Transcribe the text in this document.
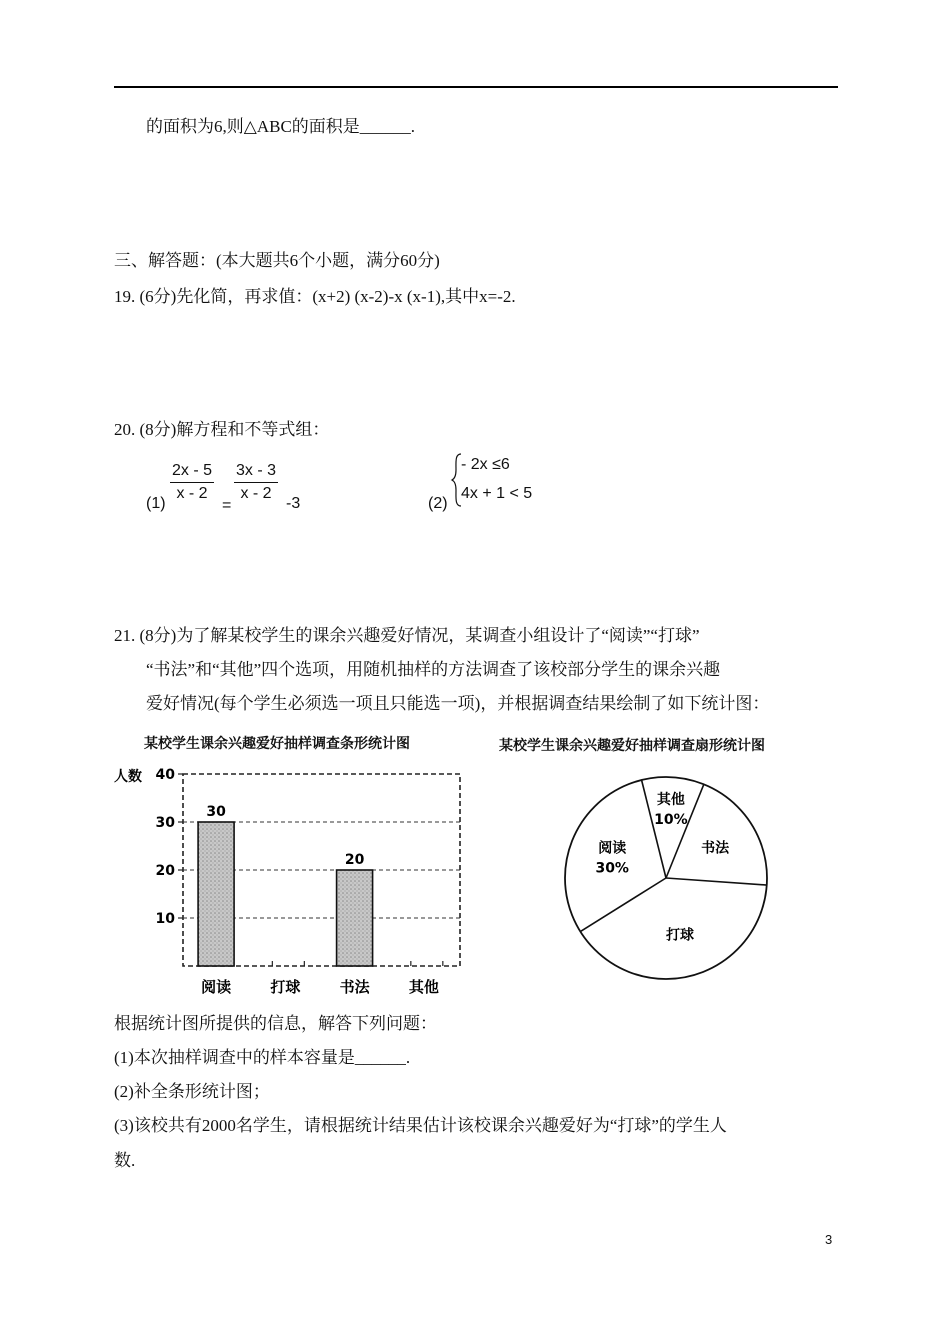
的面积为6,则△ABC的面积是______.
三、解答题：(本大题共6个小题，满分60分)
19. (6分)先化简，再求值：(x+2) (x-2)-x (x-1),其中x=-2.
20. (8分)解方程和不等式组：
$(1) \frac{2x - 5}{x - 2}$
=
$\frac{3x - 3}{x - 2} -3$	(2)
- 2x ≤6
4x + 1 < 5
21. (8分)为了解某校学生的课余兴趣爱好情况，某调查小组设计了“阅读”“打球”
“书法”和“其他”四个选项，用随机抽样的方法调查了该校部分学生的课余兴趣
爱好情况(每个学生必须选一项且只能选一项)，并根据调查结果绘制了如下统计图：
某校学生课余兴趣爱好抽样调查条形统计图	某校学生课余兴趣爱好抽样调查扇形统计图
10
20
30
40
30
阅读	打球
20
书法	其他
人数
其他
10%
书法
打球
阅读
30%
根据统计图所提供的信息，解答下列问题：
(1)本次抽样调查中的样本容量是______.
(2)补全条形统计图；
(3)该校共有2000名学生，请根据统计结果估计该校课余兴趣爱好为“打球”的学生人
数.
3
